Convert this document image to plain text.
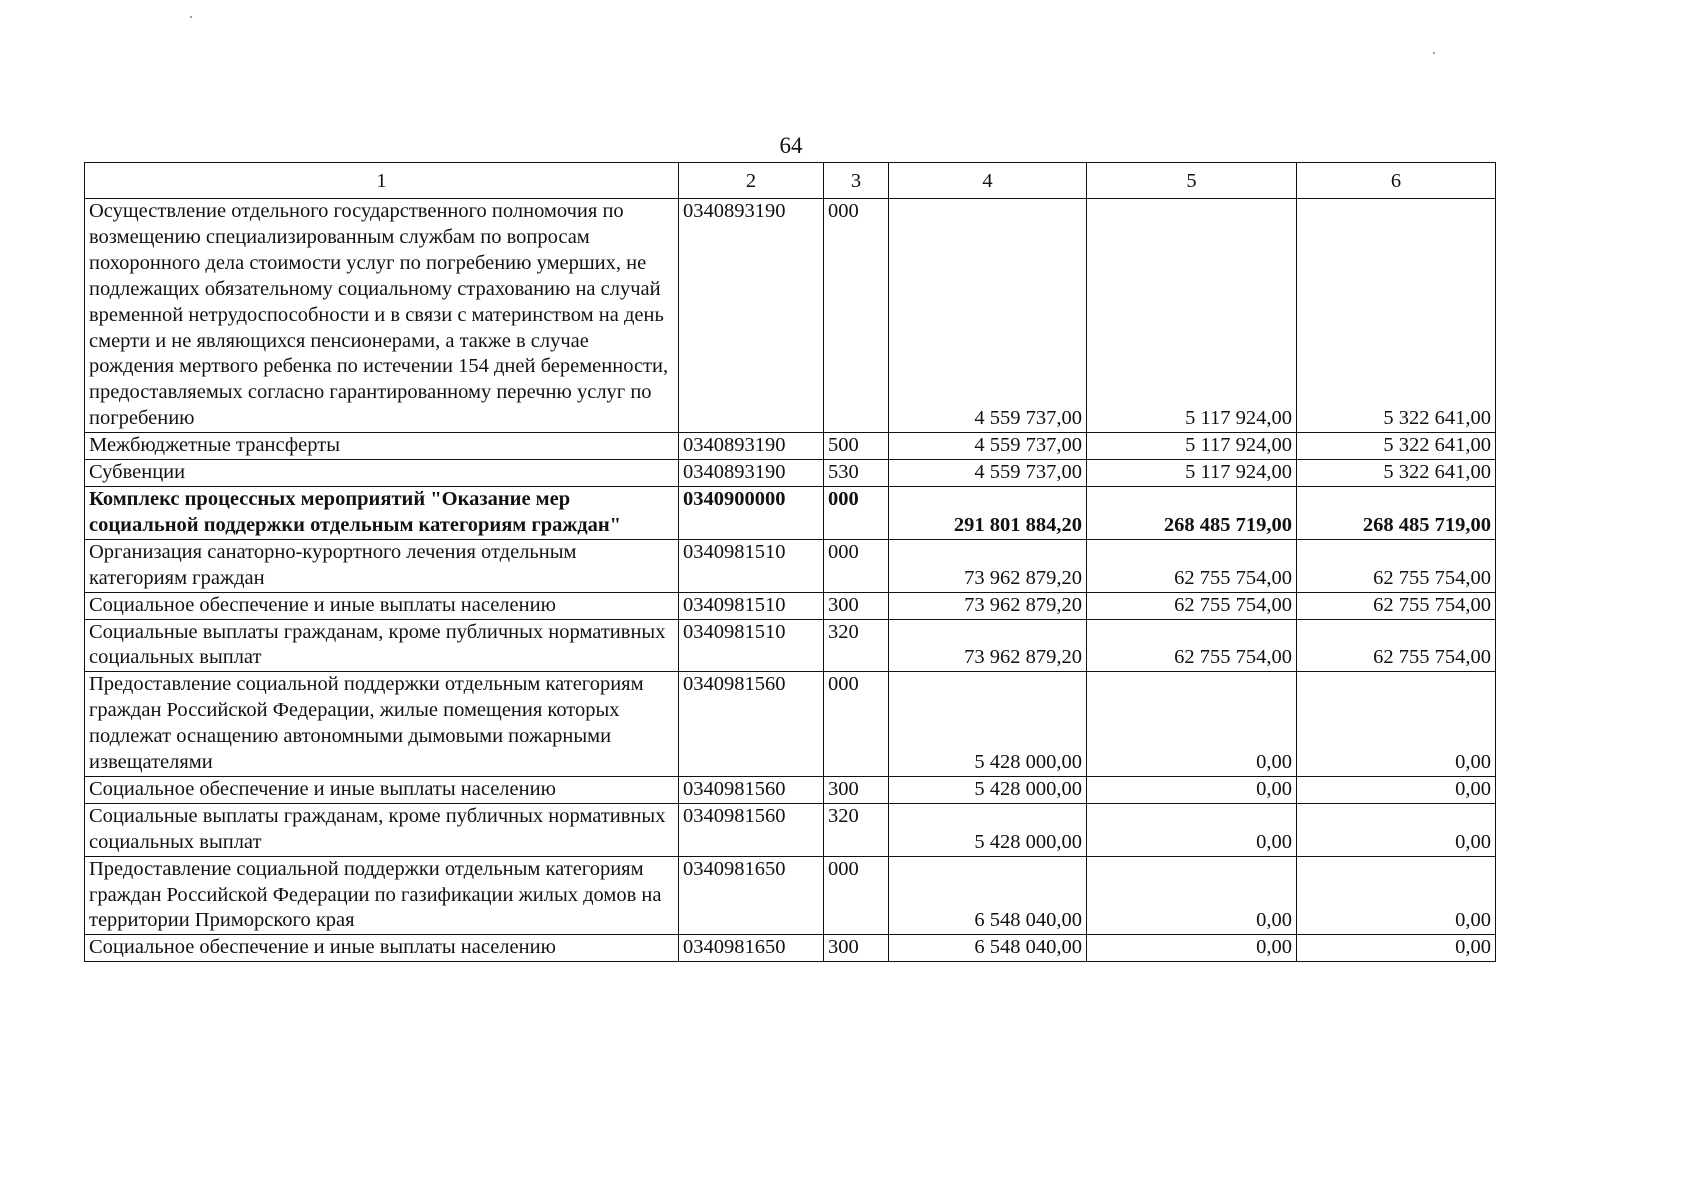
64
1	2	3	4	5	6
Осуществление отдельного государственного полномочия по возмещению специализированным службам по вопросам похоронного дела стоимости услуг по погребению умерших, не подлежащих обязательному социальному страхованию на случай временной нетрудоспособности и в связи с материнством на день смерти и не являющихся пенсионерами, а также в случае рождения мертвого ребенка по истечении 154 дней беременности, предоставляемых согласно гарантированному перечню услуг по погребению	0340893190	000	4 559 737,00	5 117 924,00	5 322 641,00
Межбюджетные трансферты	0340893190	500	4 559 737,00	5 117 924,00	5 322 641,00
Субвенции	0340893190	530	4 559 737,00	5 117 924,00	5 322 641,00
Комплекс процессных мероприятий "Оказание мер социальной поддержки отдельным категориям граждан"	0340900000	000	291 801 884,20	268 485 719,00	268 485 719,00
Организация санаторно-курортного лечения отдельным категориям граждан	0340981510	000	73 962 879,20	62 755 754,00	62 755 754,00
Социальное обеспечение и иные выплаты населению	0340981510	300	73 962 879,20	62 755 754,00	62 755 754,00
Социальные выплаты гражданам, кроме публичных нормативных социальных выплат	0340981510	320	73 962 879,20	62 755 754,00	62 755 754,00
Предоставление социальной поддержки отдельным категориям граждан Российской Федерации, жилые помещения которых подлежат оснащению автономными дымовыми пожарными извещателями	0340981560	000	5 428 000,00	0,00	0,00
Социальное обеспечение и иные выплаты населению	0340981560	300	5 428 000,00	0,00	0,00
Социальные выплаты гражданам, кроме публичных нормативных социальных выплат	0340981560	320	5 428 000,00	0,00	0,00
Предоставление социальной поддержки отдельным категориям граждан Российской Федерации по газификации жилых домов на территории Приморского края	0340981650	000	6 548 040,00	0,00	0,00
Социальное обеспечение и иные выплаты населению	0340981650	300	6 548 040,00	0,00	0,00
